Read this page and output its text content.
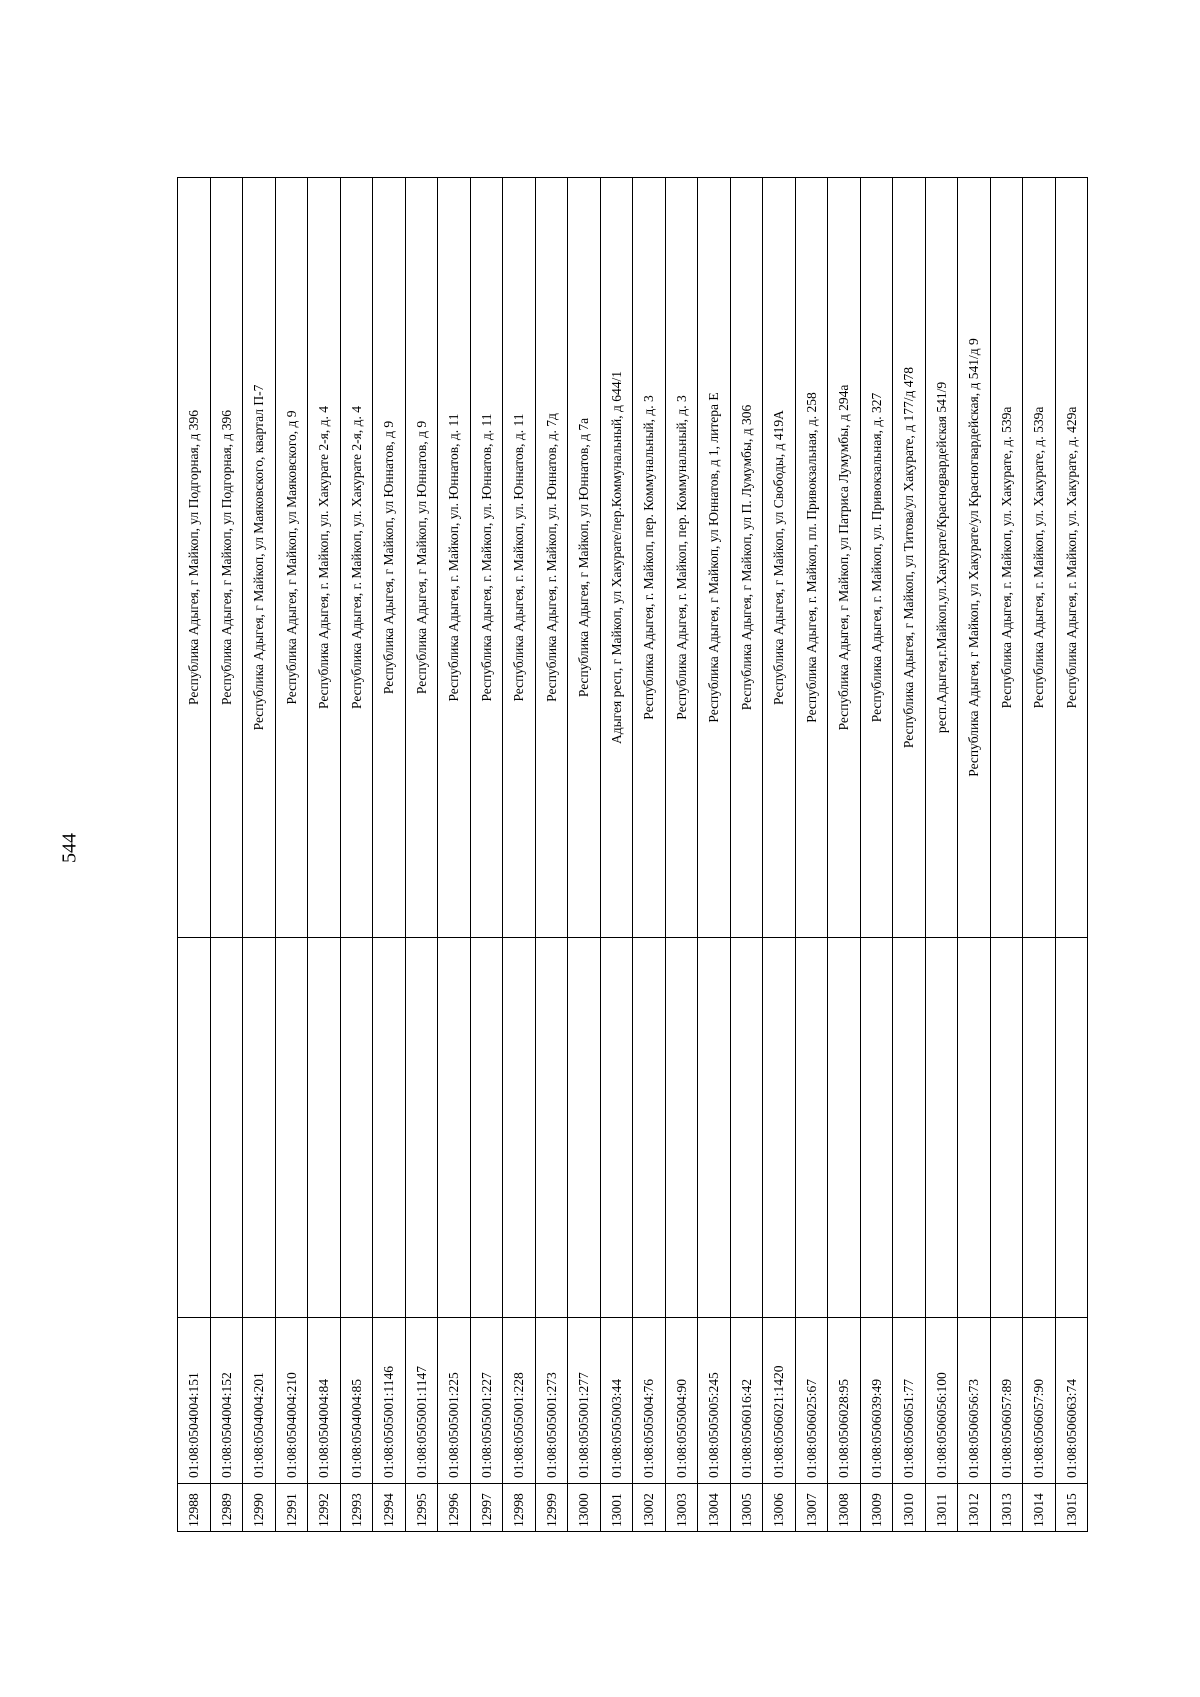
544
12988	01:08:0504004:151		Республика Адыгея, г Майкоп, ул Подгорная, д 396
12989	01:08:0504004:152		Республика Адыгея, г Майкоп, ул Подгорная, д 396
12990	01:08:0504004:201		Республика Адыгея, г Майкоп, ул Маяковского, квартал П-7
12991	01:08:0504004:210		Республика Адыгея, г Майкоп, ул Маяковского, д 9
12992	01:08:0504004:84		Республика Адыгея, г. Майкоп, ул. Хакурате 2-я, д. 4
12993	01:08:0504004:85		Республика Адыгея, г. Майкоп, ул. Хакурате 2-я, д. 4
12994	01:08:0505001:1146		Республика Адыгея, г Майкоп, ул Юннатов, д 9
12995	01:08:0505001:1147		Республика Адыгея, г Майкоп, ул Юннатов, д 9
12996	01:08:0505001:225		Республика Адыгея, г. Майкоп, ул. Юннатов, д. 11
12997	01:08:0505001:227		Республика Адыгея, г. Майкоп, ул. Юннатов, д. 11
12998	01:08:0505001:228		Республика Адыгея, г. Майкоп, ул. Юннатов, д. 11
12999	01:08:0505001:273		Республика Адыгея, г. Майкоп, ул. Юннатов, д. 7д
13000	01:08:0505001:277		Республика Адыгея, г Майкоп, ул Юннатов, д 7а
13001	01:08:0505003:44		Адыгея респ, г Майкоп, ул Хакурате/пер.Коммунальный, д 644/1
13002	01:08:0505004:76		Республика Адыгея, г. Майкоп, пер. Коммунальный, д. 3
13003	01:08:0505004:90		Республика Адыгея, г. Майкоп, пер. Коммунальный, д. 3
13004	01:08:0505005:245		Республика Адыгея, г Майкоп, ул Юннатов, д 1, литера Е
13005	01:08:0506016:42		Республика Адыгея, г Майкоп, ул П. Лумумбы, д 306
13006	01:08:0506021:1420		Республика Адыгея, г Майкоп, ул Свободы, д 419А
13007	01:08:0506025:67		Республика Адыгея, г. Майкоп, пл. Привокзальная, д. 258
13008	01:08:0506028:95		Республика Адыгея, г Майкоп, ул Патриса Лумумбы, д 294а
13009	01:08:0506039:49		Республика Адыгея, г. Майкоп, ул. Привокзальная, д. 327
13010	01:08:0506051:77		Республика Адыгея, г Майкоп, ул Титова/ул Хакурате, д 177/д 478
13011	01:08:0506056:100		респ.Адыгея,г.Майкоп,ул.Хакурате/Краснogвардейская 541/9
13012	01:08:0506056:73		Республика Адыгея, г Майкоп, ул Хакурате/ул Красногвардейская, д 541/д 9
13013	01:08:0506057:89		Республика Адыгея, г. Майкоп, ул. Хакурате, д. 539а
13014	01:08:0506057:90		Республика Адыгея, г. Майкоп, ул. Хакурате, д. 539а
13015	01:08:0506063:74		Республика Адыгея, г. Майкоп, ул. Хакурате, д. 429а
